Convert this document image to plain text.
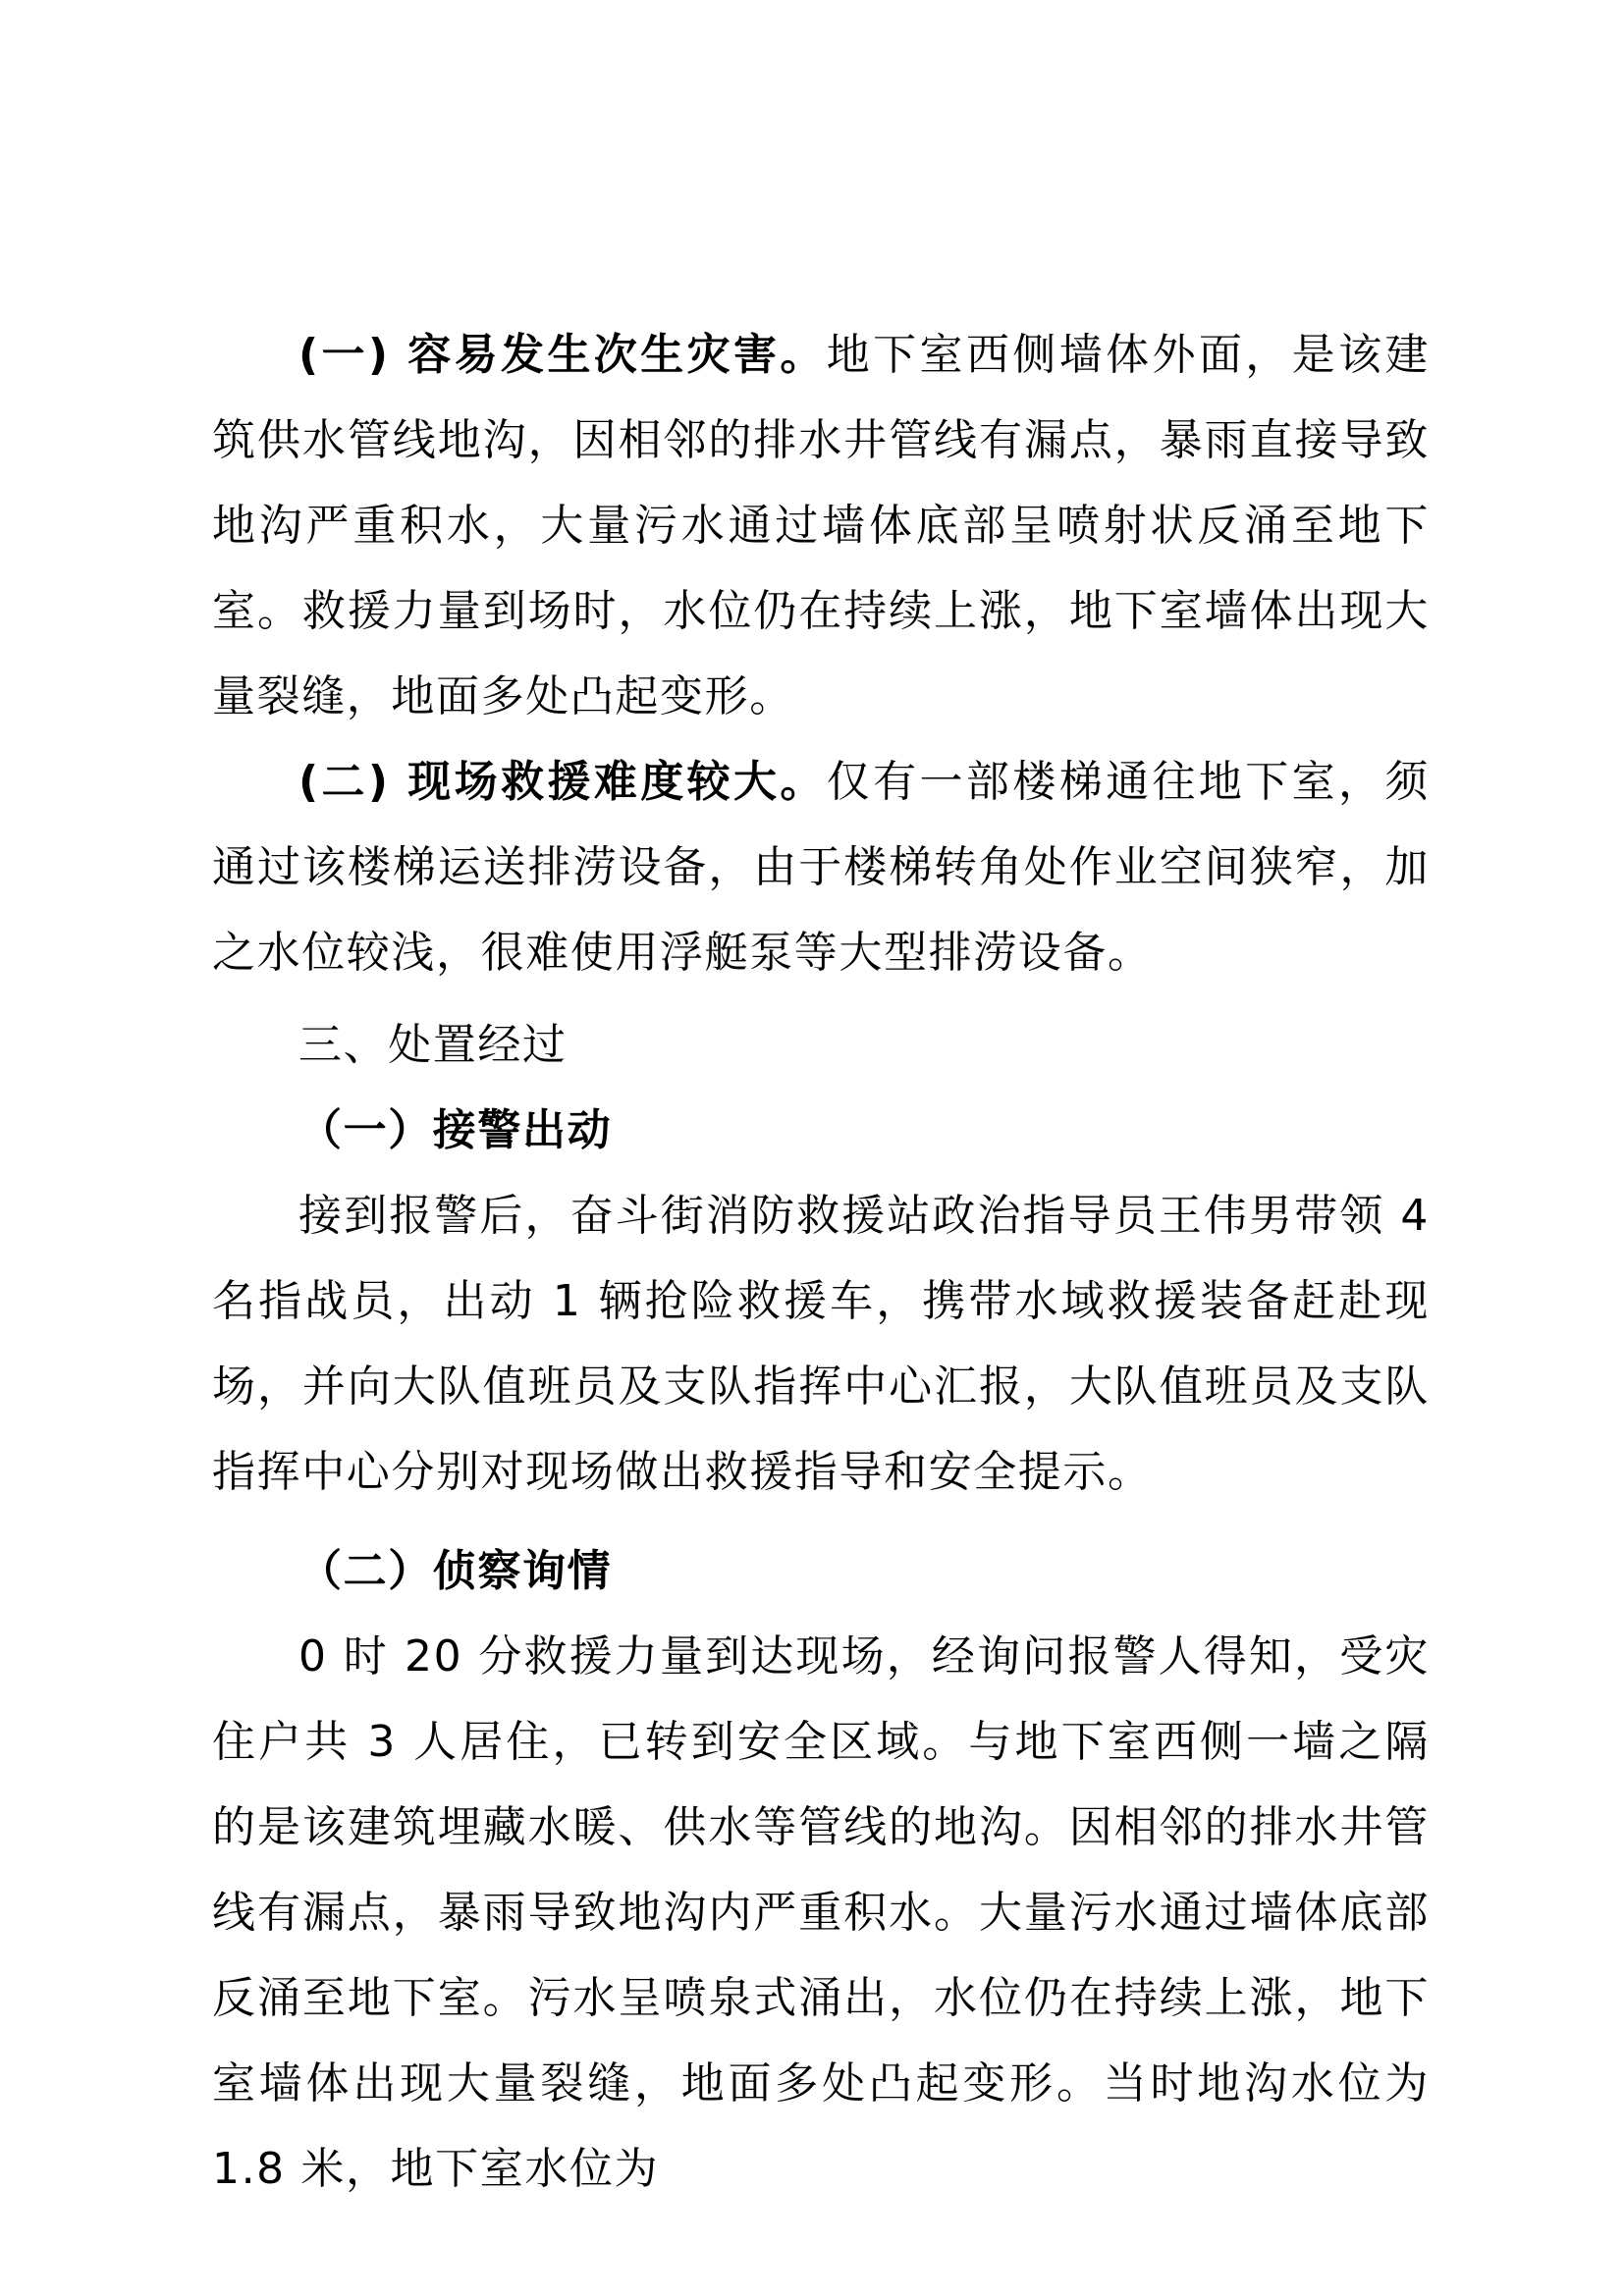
(一) 容易发生次生灾害。地下室西侧墙体外面，是该建筑供水管线地沟，因相邻的排水井管线有漏点，暴雨直接导致地沟严重积水，大量污水通过墙体底部呈喷射状反涌至地下室。救援力量到场时，水位仍在持续上涨，地下室墙体出现大量裂缝，地面多处凸起变形。

(二) 现场救援难度较大。仅有一部楼梯通往地下室，须通过该楼梯运送排涝设备，由于楼梯转角处作业空间狭窄，加之水位较浅，很难使用浮艇泵等大型排涝设备。

三、处置经过

（一）接警出动

接到报警后，奋斗街消防救援站政治指导员王伟男带领 4 名指战员，出动 1 辆抢险救援车，携带水域救援装备赶赴现场，并向大队值班员及支队指挥中心汇报，大队值班员及支队指挥中心分别对现场做出救援指导和安全提示。

（二）侦察询情

0 时 20 分救援力量到达现场，经询问报警人得知，受灾住户共 3 人居住，已转到安全区域。与地下室西侧一墙之隔的是该建筑埋藏水暖、供水等管线的地沟。因相邻的排水井管线有漏点，暴雨导致地沟内严重积水。大量污水通过墙体底部反涌至地下室。污水呈喷泉式涌出，水位仍在持续上涨，地下室墙体出现大量裂缝，地面多处凸起变形。当时地沟水位为 1.8 米，地下室水位为
